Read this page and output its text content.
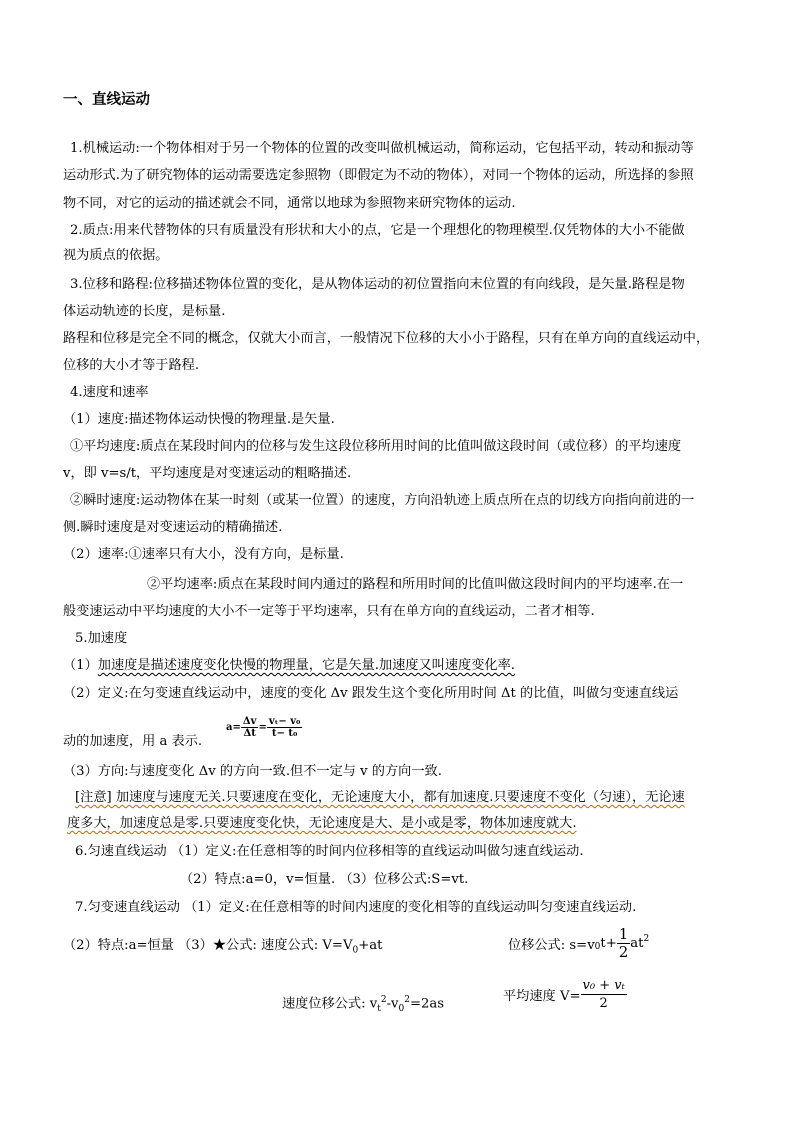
一、直线运动
1.机械运动:一个物体相对于另一个物体的位置的改变叫做机械运动，简称运动，它包括平动，转动和振动等
运动形式.为了研究物体的运动需要选定参照物（即假定为不动的物体），对同一个物体的运动，所选择的参照
物不同，对它的运动的描述就会不同，通常以地球为参照物来研究物体的运动.
2.质点:用来代替物体的只有质量没有形状和大小的点，它是一个理想化的物理模型.仅凭物体的大小不能做
视为质点的依据。
3.位移和路程:位移描述物体位置的变化，是从物体运动的初位置指向末位置的有向线段，是矢量.路程是物
体运动轨迹的长度，是标量.
路程和位移是完全不同的概念，仅就大小而言，一般情况下位移的大小小于路程，只有在单方向的直线运动中，
位移的大小才等于路程.
4.速度和速率
（1）速度:描述物体运动快慢的物理量.是矢量.
①平均速度:质点在某段时间内的位移与发生这段位移所用时间的比值叫做这段时间（或位移）的平均速度
v，即 v=s/t，平均速度是对变速运动的粗略描述.
②瞬时速度:运动物体在某一时刻（或某一位置）的速度，方向沿轨迹上质点所在点的切线方向指向前进的一
侧.瞬时速度是对变速运动的精确描述.
（2）速率:①速率只有大小，没有方向，是标量.
②平均速率:质点在某段时间内通过的路程和所用时间的比值叫做这段时间内的平均速率.在一
般变速运动中平均速度的大小不一定等于平均速率，只有在单方向的直线运动，二者才相等.
5.加速度
（1）加速度是描述速度变化快慢的物理量，它是矢量.加速度又叫速度变化率.
（2）定义:在匀变速直线运动中，速度的变化 Δv 跟发生这个变化所用时间 Δt 的比值，叫做匀变速直线运
动的加速度，用 a 表示.
$a= \frac{\Delta v}{\Delta t} = \frac{\text{vₜ− v₀}}{\text{t− t₀}}$
（3）方向:与速度变化 Δv 的方向一致.但不一定与 v 的方向一致.
[注意] 加速度与速度无关.只要速度在变化，无论速度大小，都有加速度.只要速度不变化（匀速），无论速
度多大，加速度总是零.只要速度变化快，无论速度是大、是小或是零，物体加速度就大.
6.匀速直线运动 （1）定义:在任意相等的时间内位移相等的直线运动叫做匀速直线运动.
（2）特点:a=0，v=恒量. （3）位移公式:S=vt.
7.匀变速直线运动 （1）定义:在任意相等的时间内速度的变化相等的直线运动叫匀变速直线运动.
（2）特点:a=恒量 （3）★公式: 速度公式: $V=V_0+at$	位移公式: $s=v_0t+ \frac{1}{2} at^2$
速度位移公式: $v_t^2-v_0^2=2as$	平均速度 $V= \frac{\text{v₀ + vₜ}}{2}$
